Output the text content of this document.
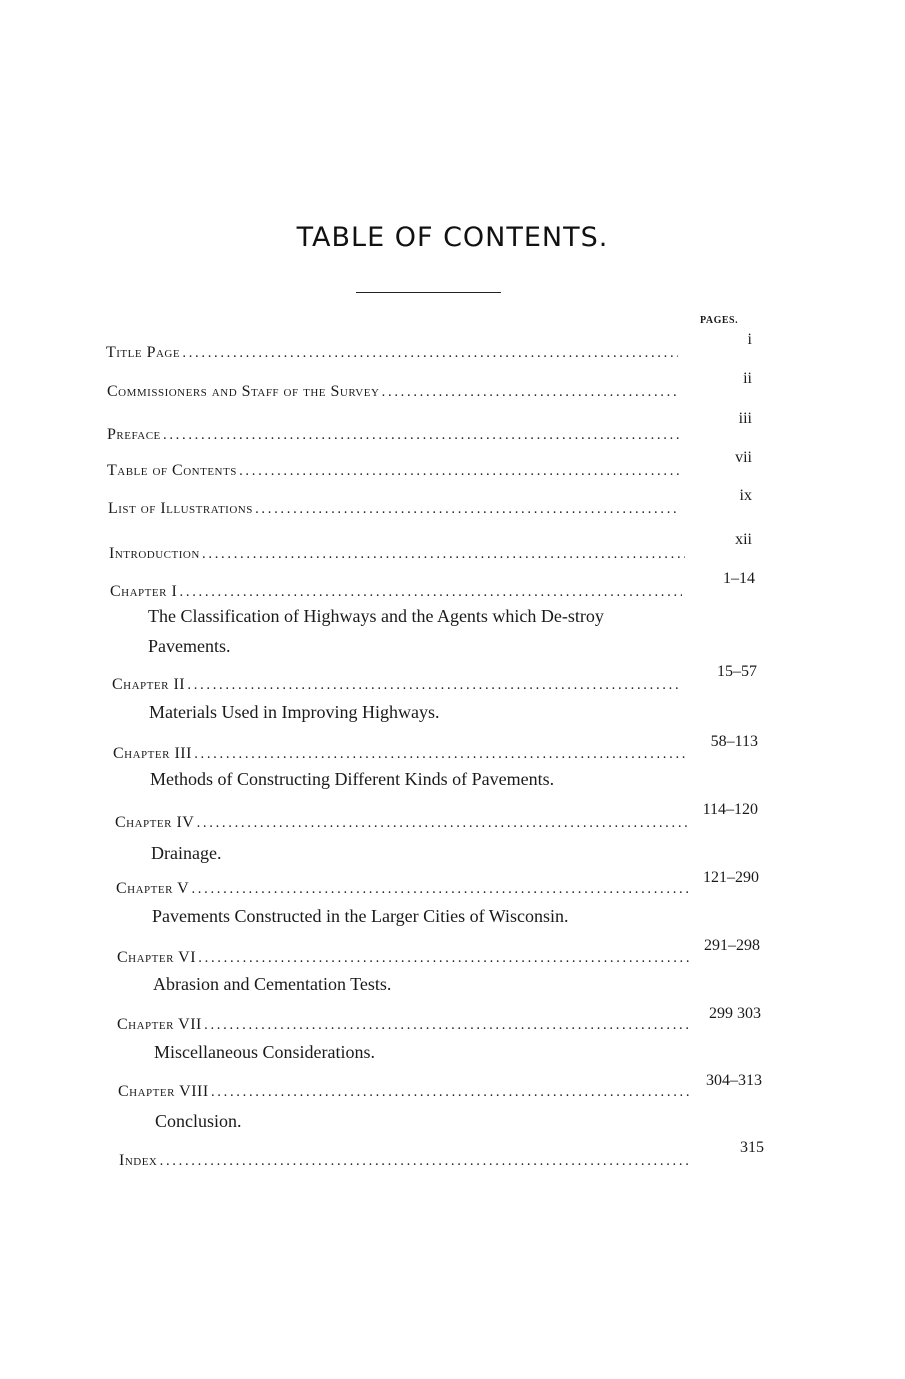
TABLE OF CONTENTS.
PAGES.
Title Page
.....
i
Commissioners and Staff of the Survey
.....
ii
Preface
.....
iii
Table of Contents
.....
vii
List of Illustrations
.....
ix
Introduction
.....
xii
Chapter I
.....
1–14
The Classification of Highways and the Agents which De-stroy Pavements.
Chapter II
.....
15–57
Materials Used in Improving Highways.
Chapter III
.....
58–113
Methods of Constructing Different Kinds of Pavements.
Chapter IV
.....
114–120
Drainage.
Chapter V
.....
121–290
Pavements Constructed in the Larger Cities of Wisconsin.
Chapter VI
.....
291–298
Abrasion and Cementation Tests.
Chapter VII
.....
299 303
Miscellaneous Considerations.
Chapter VIII
.....
304–313
Conclusion.
Index
.....
315
